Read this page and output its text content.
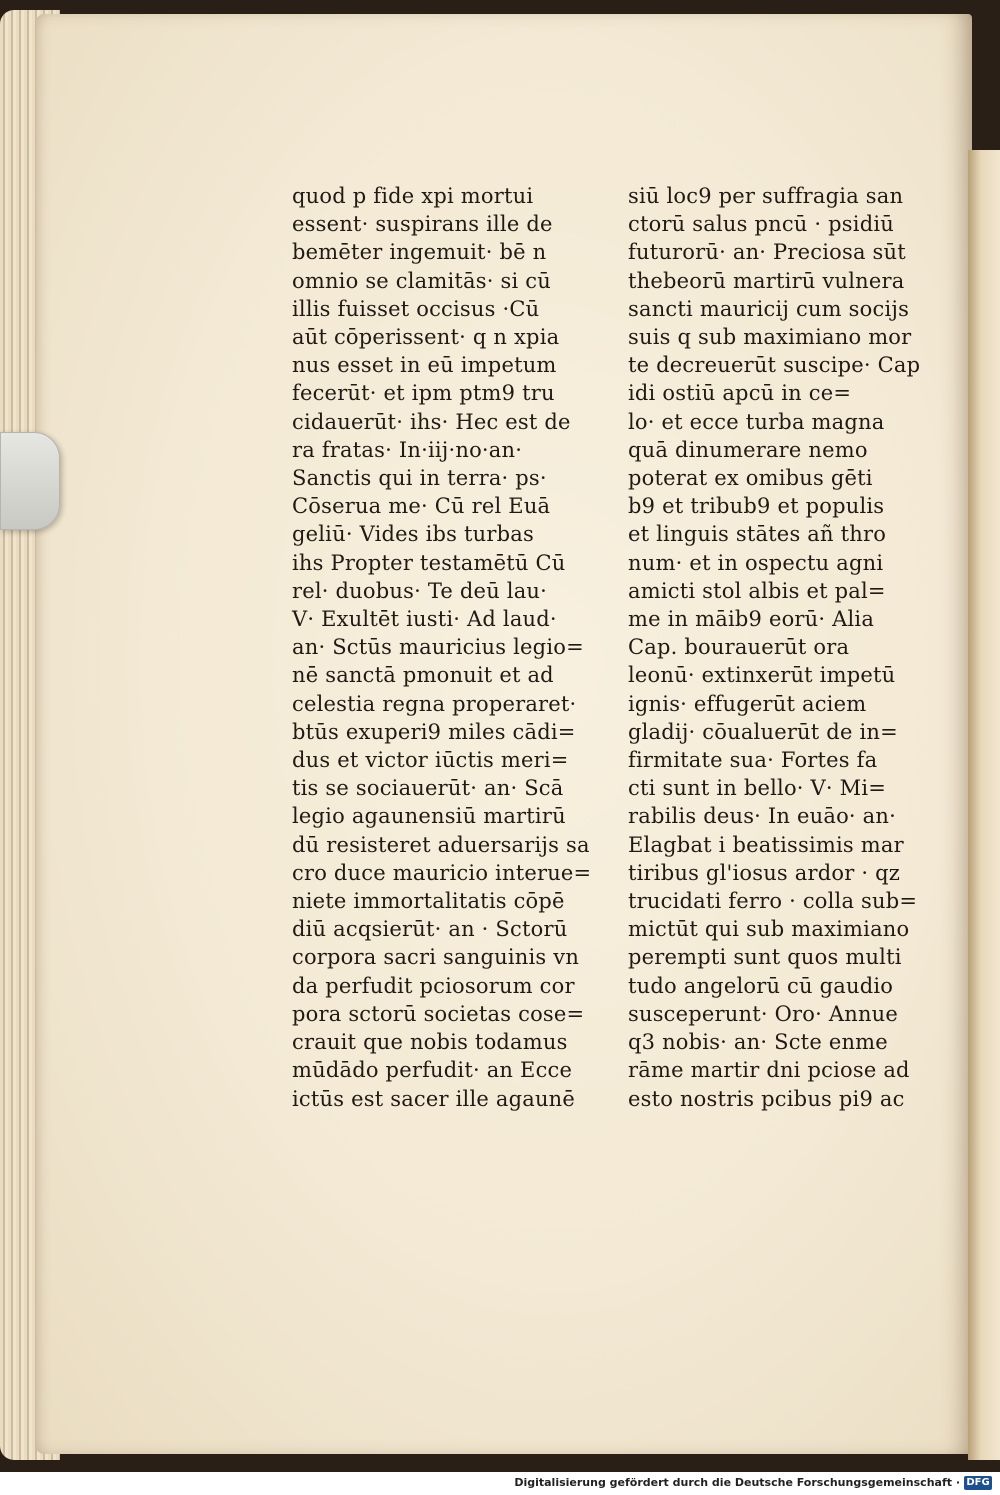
quod p fide xpi mortui
essent· suspirans ille de
bemēter ingemuit· bē n
omnio se clamitās· si cū
illis fuisset occisus ·Cū
aūt cōperissent· q n xpia
nus esset in eū impetum
fecerūt· et ipm ptm9 tru
cidauerūt· ihs· Hec est de
ra fratas· In·iij·no·an·
Sanctis qui in terra· ps·
Cōserua me· Cū rel Euā
geliū· Vides ibs turbas
ihs Propter testamētū Cū
rel· duobus· Te deū lau·
V· Exultēt iusti· Ad laud·
an· Sctūs mauricius legio=
nē sanctā pmonuit et ad
celestia regna properaret·
btūs exuperi9 miles cādi=
dus et victor iūctis meri=
tis se sociauerūt· an· Scā
legio agaunensiū martirū
dū resisteret aduersarijs sa
cro duce mauricio interue=
niete immortalitatis cōpē
diū acqsierūt· an · Sctorū
corpora sacri sanguinis vn
da perfudit pciosorum cor
pora sctorū societas cose=
crauit que nobis todamus
mūdādo perfudit· an Ecce
ictūs est sacer ille agaunē
siū loc9 per suffragia san
ctorū salus pncū · psidiū
futurorū· an· Preciosa sūt
thebeorū martirū vulnera
sancti mauricij cum socijs
suis q sub maximiano mor
te decreuerūt suscipe· Cap
idi ostiū apcū in ce=
lo· et ecce turba magna
quā dinumerare nemo
poterat ex omibus gēti
b9 et tribub9 et populis
et linguis stātes añ thro
num· et in ospectu agni
amicti stol albis et pal=
me in māib9 eorū· Alia
Cap. bourauerūt ora
leonū· extinxerūt impetū
ignis· effugerūt aciem
gladij· cōualuerūt de in=
firmitate sua· Fortes fa
cti sunt in bello· V· Mi=
rabilis deus· In euāo· an·
Elagbat i beatissimis mar
tiribus gl'iosus ardor · qz
trucidati ferro · colla sub=
mictūt qui sub maximiano
perempti sunt quos multi
tudo angelorū cū gaudio
susceperunt· Oro· Annue
q3 nobis· an· Scte enme
rāme martir dni pciose ad
esto nostris pcibus pi9 ac
Digitalisierung gefördert durch die Deutsche Forschungsgemeinschaft · DFG
